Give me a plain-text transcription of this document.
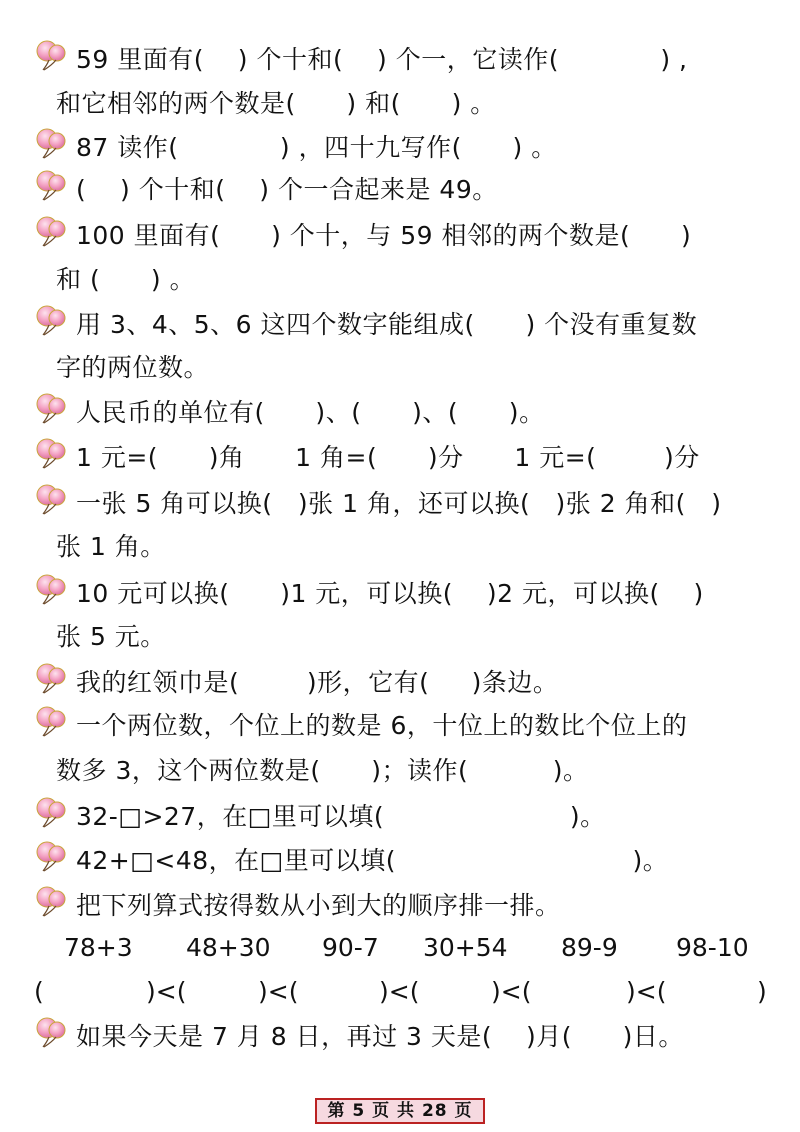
59 里面有(    ) 个十和(    ) 个一，它读作(            ) ,
和它相邻的两个数是(      ) 和(      ) 。
87 读作(            ) ，四十九写作(      ) 。
(    ) 个十和(    ) 个一合起来是 49。
100 里面有(      ) 个十，与 59 相邻的两个数是(      )
和 (      ) 。
用 3、4、5、6 这四个数字能组成(      ) 个没有重复数
字的两位数。
人民币的单位有(      )、(      )、(      )。
1 元=(      )角      1 角=(      )分      1 元=(        )分
一张 5 角可以换(   )张 1 角，还可以换(   )张 2 角和(   )
张 1 角。
10 元可以换(      )1 元，可以换(    )2 元，可以换(    )
张 5 元。
我的红领巾是(        )形，它有(     )条边。
一个两位数，个位上的数是 6，十位上的数比个位上的
数多 3，这个两位数是(      )；读作(          )。
32-□>27，在□里可以填(                      )。
42+□<48，在□里可以填(                            )。
把下列算式按得数从小到大的顺序排一排。
78+3 48+30 90-7 30+54 89-9 98-10
(	)<(	)<(	)<(	)<(	)<(	)
如果今天是 7 月 8 日，再过 3 天是(    )月(      )日。
第 5 页 共 28 页
